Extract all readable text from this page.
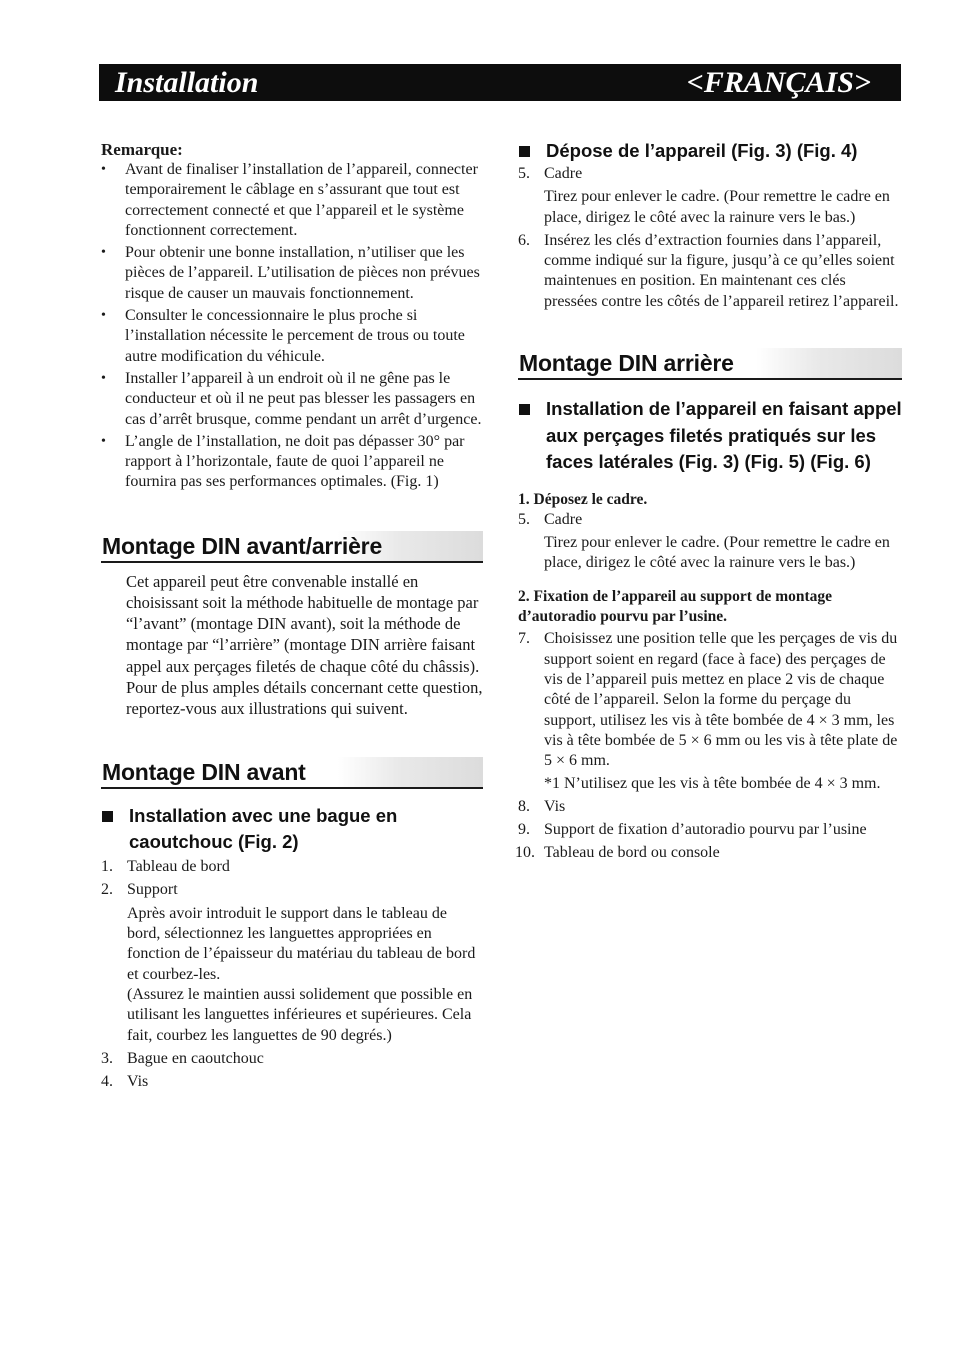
Installation	<FRANÇAIS>
Remarque:
• Avant de finaliser l’installation de l’appareil, connecter temporairement le câblage en s’assurant que tout est correctement connecté et que l’appareil et le système fonctionnent correctement.
• Pour obtenir une bonne installation, n’utiliser que les pièces de l’appareil. L’utilisation de pièces non prévues risque de causer un mauvais fonctionnement.
• Consulter le concessionnaire le plus proche si l’installation nécessite le percement de trous ou toute autre modification du véhicule.
• Installer l’appareil à un endroit où il ne gêne pas le conducteur et où il ne peut pas blesser les passagers en cas d’arrêt brusque, comme pendant un arrêt d’urgence.
• L’angle de l’installation, ne doit pas dépasser 30° par rapport à l’horizontale, faute de quoi l’appareil ne fournira pas ses performances optimales. (Fig. 1)
Montage DIN avant/arrière

Cet appareil peut être convenable installé en choisissant soit la méthode habituelle de montage par “l’avant” (montage DIN avant), soit la méthode de montage par “l’arrière” (montage DIN arrière faisant appel aux perçages filetés de chaque côté du châssis). Pour de plus amples détails concernant cette question, reportez-vous aux illustrations qui suivent.

Montage DIN avant
Installation avec une bague en caoutchouc (Fig. 2)
1. Tableau de bord
2. Support
Après avoir introduit le support dans le tableau de bord, sélectionnez les languettes appropriées en fonction de l’épaisseur du matériau du tableau de bord et courbez-les.
(Assurez le maintien aussi solidement que possible en utilisant les languettes inférieures et supérieures. Cela fait, courbez les languettes de 90 degrés.)
3. Bague en caoutchouc
4. Vis
Dépose de l’appareil (Fig. 3) (Fig. 4)
5. Cadre
Tirez pour enlever le cadre. (Pour remettre le cadre en place, dirigez le côté avec la rainure vers le bas.)
6. Insérez les clés d’extraction fournies dans l’appareil, comme indiqué sur la figure, jusqu’à ce qu’elles soient maintenues en position. En maintenant ces clés pressées contre les côtés de l’appareil retirez l’appareil.
Montage DIN arrière
Installation de l’appareil en faisant appel aux perçages filetés pratiqués sur les faces latérales (Fig. 3) (Fig. 5) (Fig. 6)
1. Déposez le cadre.
5. Cadre
Tirez pour enlever le cadre. (Pour remettre le cadre en place, dirigez le côté avec la rainure vers le bas.)
2. Fixation de l’appareil au support de montage d’autoradio pourvu par l’usine.
7. Choisissez une position telle que les perçages de vis du support soient en regard (face à face) des perçages de vis de l’appareil puis mettez en place 2 vis de chaque côté de l’appareil. Selon la forme du perçage du support, utilisez les vis à tête bombée de 4 × 3 mm, les vis à tête bombée de 5 × 6 mm ou les vis à tête plate de 5 × 6 mm.
*1 N’utilisez que les vis à tête bombée de 4 × 3 mm.
8. Vis
9. Support de fixation d’autoradio pourvu par l’usine
10. Tableau de bord ou console
